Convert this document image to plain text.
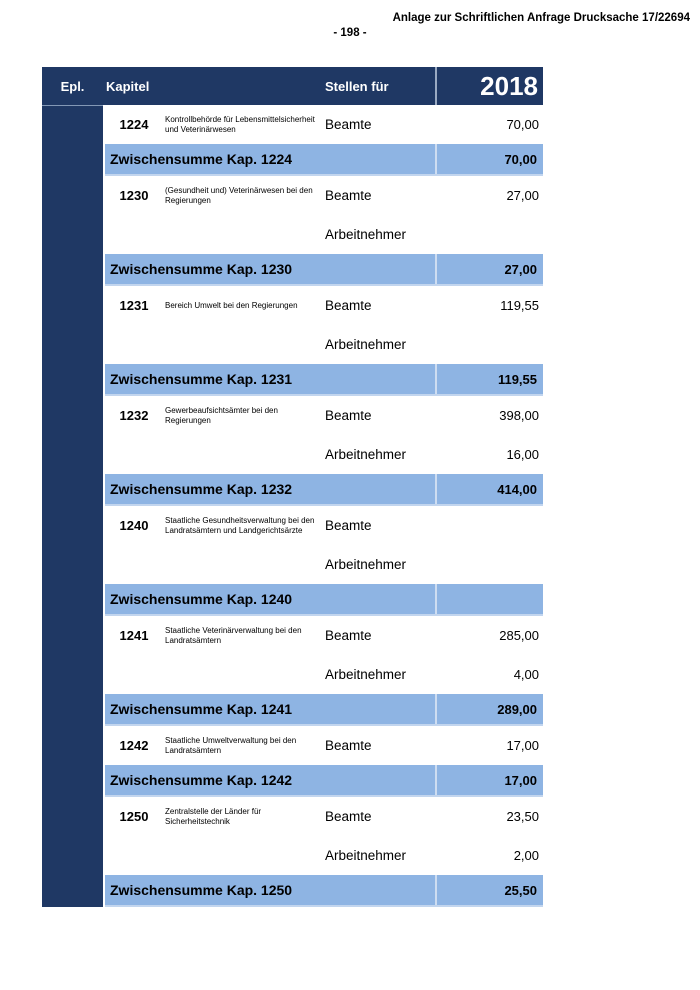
Anlage zur Schriftlichen Anfrage Drucksache 17/22694
- 198 -
Epl.	Kapitel	Stellen für	2018
1224	Kontrollbehörde für Lebensmittelsicherheit und Veterinärwesen	Beamte	70,00
Zwischensumme Kap. 1224	70,00
1230	(Gesundheit und) Veterinärwesen bei den Regierungen	Beamte	27,00
Arbeitnehmer
Zwischensumme Kap. 1230	27,00
1231	Bereich Umwelt bei den Regierungen	Beamte	119,55
Arbeitnehmer
Zwischensumme Kap. 1231	119,55
1232	Gewerbeaufsichtsämter bei den Regierungen	Beamte	398,00
Arbeitnehmer	16,00
Zwischensumme Kap. 1232	414,00
1240	Staatliche Gesundheitsverwaltung bei den Landratsämtern und Landgerichtsärzte	Beamte
Arbeitnehmer
Zwischensumme Kap. 1240
1241	Staatliche Veterinärverwaltung bei den Landratsämtern	Beamte	285,00
Arbeitnehmer	4,00
Zwischensumme Kap. 1241	289,00
1242	Staatliche Umweltverwaltung bei den Landratsämtern	Beamte	17,00
Zwischensumme Kap. 1242	17,00
1250	Zentralstelle der Länder für Sicherheitstechnik	Beamte	23,50
Arbeitnehmer	2,00
Zwischensumme Kap. 1250	25,50
